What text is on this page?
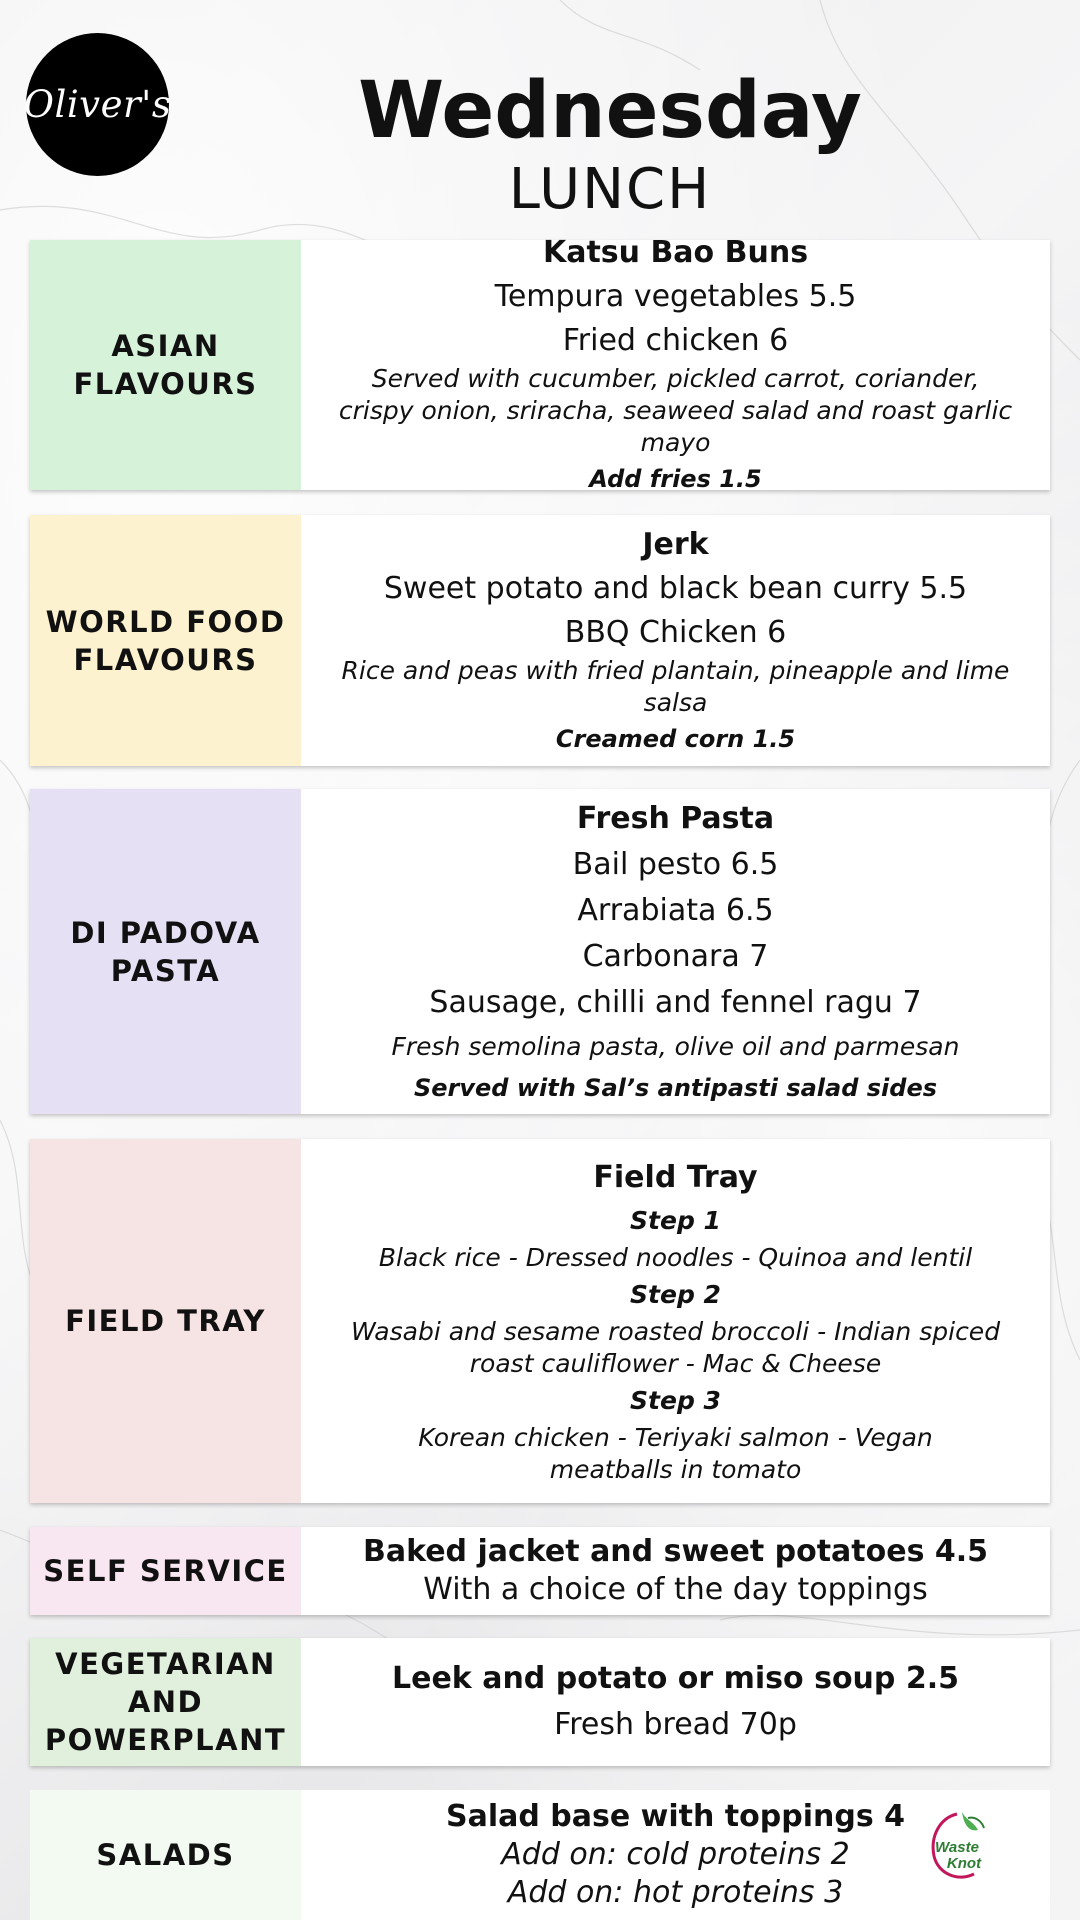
Oliver's	Wednesday
LUNCH
ASIAN
FLAVOURS
Katsu Bao Buns
Tempura vegetables 5.5
Fried chicken 6
Served with cucumber, pickled carrot, coriander, crispy onion, sriracha, seaweed salad and roast garlic mayo
Add fries 1.5
WORLD FOOD
FLAVOURS
Jerk
Sweet potato and black bean curry 5.5
BBQ Chicken 6
Rice and peas with fried plantain, pineapple and lime salsa
Creamed corn 1.5
DI PADOVA
PASTA
Fresh Pasta
Bail pesto 6.5
Arrabiata 6.5
Carbonara 7
Sausage, chilli and fennel ragu 7
Fresh semolina pasta, olive oil and parmesan
Served with Sal’s antipasti salad sides
FIELD TRAY
Field Tray
Step 1
Black rice - Dressed noodles - Quinoa and lentil
Step 2
Wasabi and sesame roasted broccoli - Indian spiced roast cauliflower - Mac & Cheese
Step 3
Korean chicken - Teriyaki salmon - Vegan meatballs in tomato
SELF SERVICE
Baked jacket and sweet potatoes 4.5
With a choice of the day toppings
VEGETARIAN
AND
POWERPLANT
Leek and potato or miso soup 2.5
Fresh bread 70p
SALADS
Salad base with toppings 4
Add on: cold proteins 2
Add on: hot proteins 3
Waste
Knot
